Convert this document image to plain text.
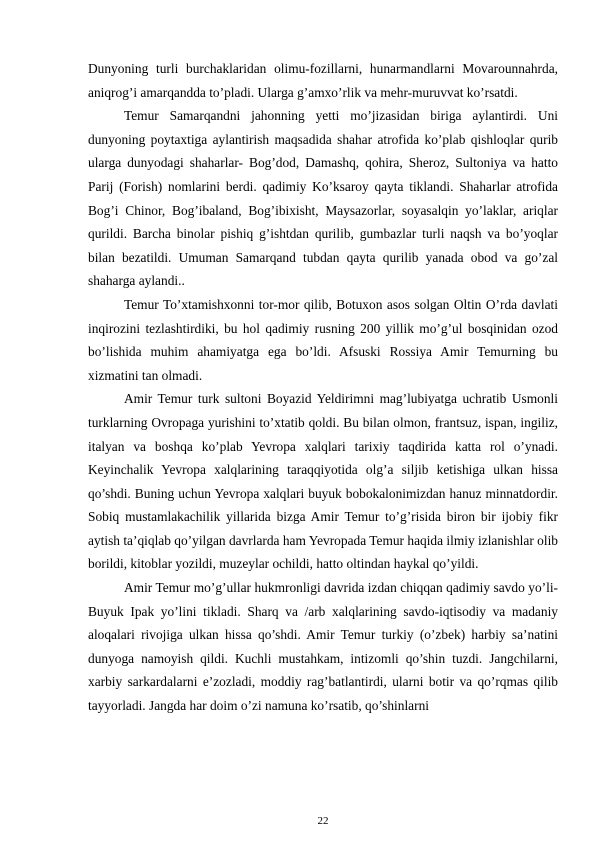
Dunyoning turli burchaklaridan olimu-fozillarni, hunarmandlarni Movarounnahrda, aniqrog’i amarqandda to’pladi. Ularga g’amxo’rlik va mehr-muruvvat ko’rsatdi.

Temur Samarqandni jahonning yetti mo’jizasidan biriga aylantirdi. Uni dunyoning poytaxtiga aylantirish maqsadida shahar atrofida ko’plab qishloqlar qurib ularga dunyodagi shaharlar- Bog’dod, Damashq, qohira, Sheroz, Sultoniya va hatto Parij (Forish) nomlarini berdi. qadimiy Ko’ksaroy qayta tiklandi. Shaharlar atrofida Bog’i Chinor, Bog’ibaland, Bog’ibixisht, Maysazorlar, soyasalqin yo’laklar, ariqlar qurildi. Barcha binolar pishiq g’ishtdan qurilib, gumbazlar turli naqsh va bo’yoqlar bilan bezatildi. Umuman Samarqand tubdan qayta qurilib yanada obod va go’zal shaharga aylandi..

Temur To’xtamishxonni tor-mor qilib, Botuxon asos solgan Oltin O’rda davlati inqirozini tezlashtirdiki, bu hol qadimiy rusning 200 yillik mo’g’ul bosqinidan ozod bo’lishida muhim ahamiyatga ega bo’ldi. Afsuski Rossiya Amir Temurning bu xizmatini tan olmadi.

Amir Temur turk sultoni Boyazid Yeldirimni mag’lubiyatga uchratib Usmonli turklarning Ovropaga yurishini to’xtatib qoldi. Bu bilan olmon, frantsuz, ispan, ingiliz, italyan va boshqa ko’plab Yevropa xalqlari tarixiy taqdirida katta rol o’ynadi. Keyinchalik Yevropa xalqlarining taraqqiyotida olg’a siljib ketishiga ulkan hissa qo’shdi. Buning uchun Yevropa xalqlari buyuk bobokalonimizdan hanuz minnatdordir. Sobiq mustamlakachilik yillarida bizga Amir Temur to’g’risida biron bir ijobiy fikr aytish ta’qiqlab qo’yilgan davrlarda ham Yevropada Temur haqida ilmiy izlanishlar olib borildi, kitoblar yozildi, muzeylar ochildi, hatto oltindan haykal qo’yildi.

Amir Temur mo’g’ullar hukmronligi davrida izdan chiqqan qadimiy savdo yo’li- Buyuk Ipak yo’lini tikladi. Sharq va /arb xalqlarining savdo-iqtisodiy va madaniy aloqalari rivojiga ulkan hissa qo’shdi. Amir Temur turkiy (o’zbek) harbiy sa’natini dunyoga namoyish qildi. Kuchli mustahkam, intizomli qo’shin tuzdi. Jangchilarni, xarbiy sarkardalarni e’zozladi, moddiy rag’batlantirdi, ularni botir va qo’rqmas qilib tayyorladi. Jangda har doim o’zi namuna ko’rsatib, qo’shinlarni

22
